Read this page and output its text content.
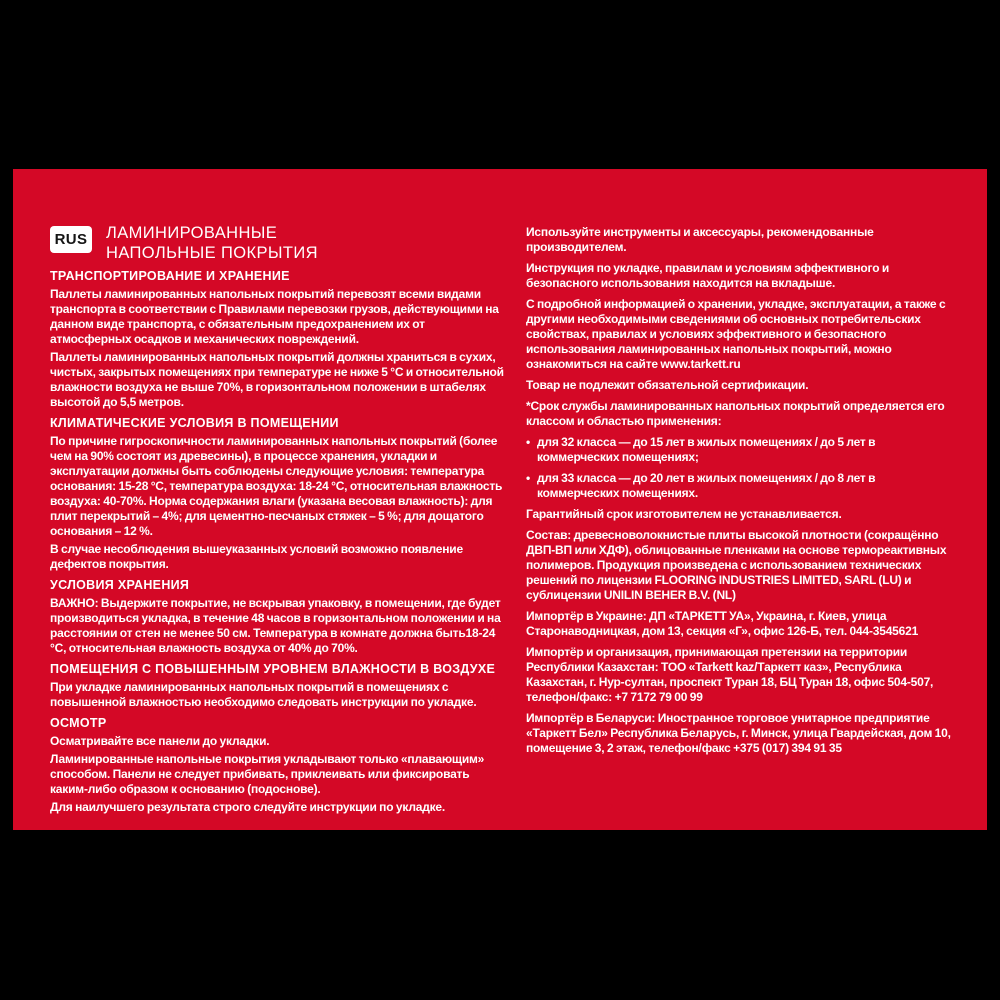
RUS ЛАМИНИРОВАННЫЕ
НАПОЛЬНЫЕ ПОКРЫТИЯ
ТРАНСПОРТИРОВАНИЕ И ХРАНЕНИЕ

Паллеты ламинированных напольных покрытий перевозят всеми видами транспорта в соответствии с Правилами перевозки грузов, действующими на данном виде транспорта, с обязательным предохранением их от атмосферных осадков и механических повреждений.

Паллеты ламинированных напольных покрытий должны храниться в сухих, чистых, закрытых помещениях при температуре не ниже 5 °С и относительной влажности воздуха не выше 70%, в горизонтальном положении в штабелях высотой до 5,5 метров.

КЛИМАТИЧЕСКИЕ УСЛОВИЯ В ПОМЕЩЕНИИ

По причине гигроскопичности ламинированных напольных покрытий (более чем на 90% состоят из древесины), в процессе хранения, укладки и эксплуатации должны быть соблюдены следующие условия: температура основания: 15-28 °С, температура воздуха: 18-24 °С, относительная влажность воздуха: 40-70%. Норма содержания влаги (указана весовая влажность): для плит перекрытий – 4%; для цементно-песчаных стяжек – 5 %; для дощатого основания – 12 %.

В случае несоблюдения вышеуказанных условий возможно появление дефектов покрытия.

УСЛОВИЯ ХРАНЕНИЯ

ВАЖНО: Выдержите покрытие, не вскрывая упаковку, в помещении, где будет производиться укладка, в течение 48 часов в горизонтальном положении и на расстоянии от стен не менее 50 см. Температура в комнате должна быть18-24 °С, относительная влажность воздуха от 40% до 70%.

ПОМЕЩЕНИЯ С ПОВЫШЕННЫМ УРОВНЕМ ВЛАЖНОСТИ В ВОЗДУХЕ

При укладке ламинированных напольных покрытий в помещениях с повышенной влажностью необходимо следовать инструкции по укладке.

ОСМОТР

Осматривайте все панели до укладки.

Ламинированные напольные покрытия укладывают только «плавающим» способом. Панели не следует прибивать, приклеивать или фиксировать каким-либо образом к основанию (подоснове).

Для наилучшего результата строго следуйте инструкции по укладке.

Используйте инструменты и аксессуары, рекомендованные производителем.

Инструкция по укладке, правилам и условиям эффективного и безопасного использования находится на вкладыше.

С подробной информацией о хранении, укладке, эксплуатации, а также с другими необходимыми сведениями об основных потребительских свойствах, правилах и условиях эффективного и безопасного использования ламинированных напольных покрытий, можно ознакомиться на сайте www.tarkett.ru

Товар не подлежит обязательной сертификации.

*Срок службы ламинированных напольных покрытий определяется его классом и областью применения:

• для 32 класса — до 15 лет в жилых помещениях / до 5 лет в коммерческих помещениях;

• для 33 класса — до 20 лет в жилых помещениях / до 8 лет в коммерческих помещениях.

Гарантийный срок изготовителем не устанавливается.

Состав: древесноволокнистые плиты высокой плотности (сокращённо ДВП-ВП или ХДФ), облицованные пленками на основе термореактивных полимеров. Продукция произведена с использованием технических решений по лицензии FLOORING INDUSTRIES LIMITED, SARL (LU) и сублицензии UNILIN BEHER B.V. (NL)

Импортёр в Украине: ДП «ТАРКЕТТ УА», Украина, г. Киев, улица Старонаводницкая, дом 13, секция «Г», офис 126-Б, тел. 044-3545621

Импортёр и организация, принимающая претензии на территории Республики Казахстан: ТОО «Tarkett kaz/Таркетт каз», Республика Казахстан, г. Нур-султан, проспект Туран 18, БЦ Туран 18, офис 504-507, телефон/факс: +7 7172 79 00 99

Импортёр в Беларуси: Иностранное торговое унитарное предприятие «Таркетт Бел» Республика Беларусь, г. Минск, улица Гвардейская, дом 10, помещение 3, 2 этаж, телефон/факс +375 (017) 394 91 35
